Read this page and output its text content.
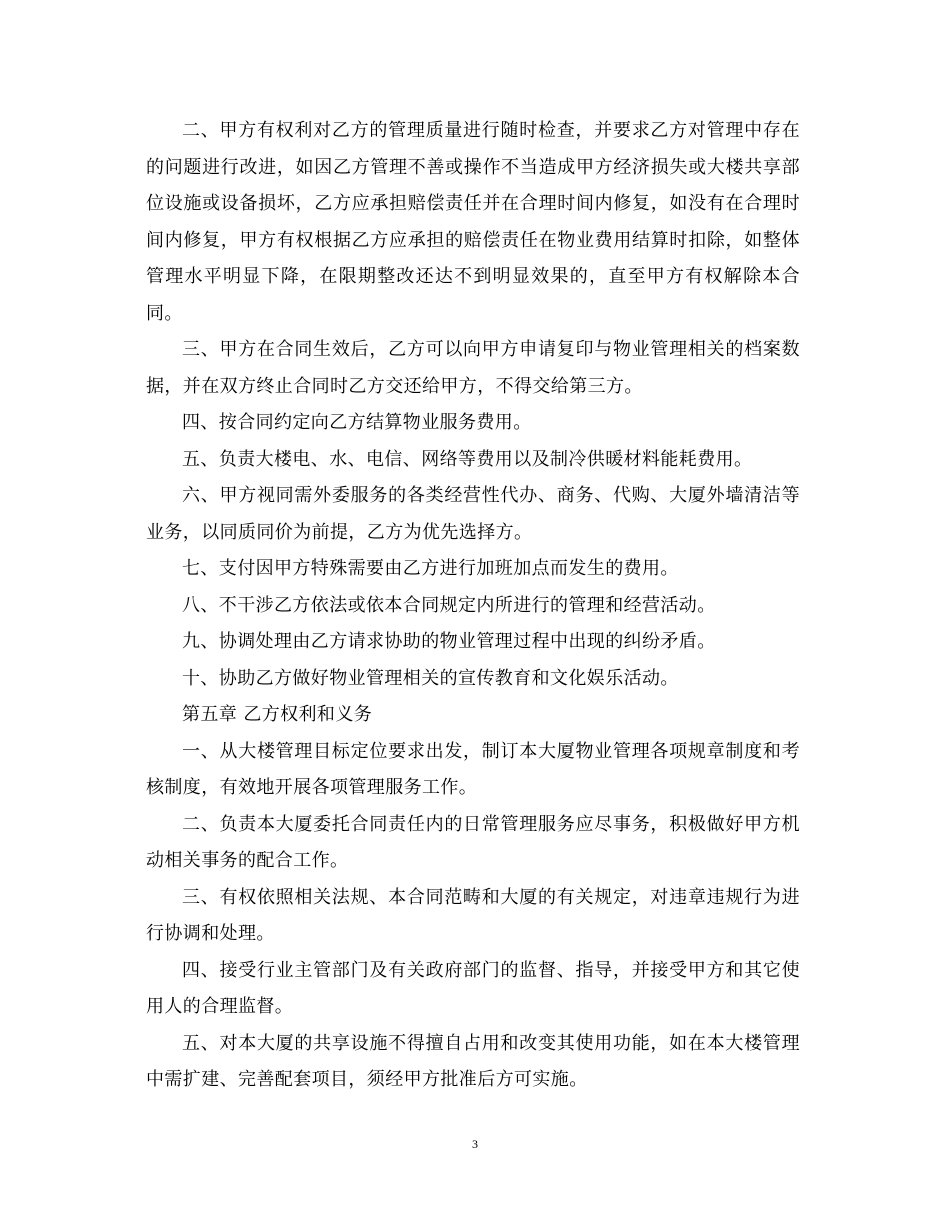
二、甲方有权利对乙方的管理质量进行随时检查，并要求乙方对管理中存在的问题进行改进，如因乙方管理不善或操作不当造成甲方经济损失或大楼共享部位设施或设备损坏，乙方应承担赔偿责任并在合理时间内修复，如没有在合理时间内修复，甲方有权根据乙方应承担的赔偿责任在物业费用结算时扣除，如整体管理水平明显下降，在限期整改还达不到明显效果的，直至甲方有权解除本合同。

三、甲方在合同生效后，乙方可以向甲方申请复印与物业管理相关的档案数据，并在双方终止合同时乙方交还给甲方，不得交给第三方。

四、按合同约定向乙方结算物业服务费用。

五、负责大楼电、水、电信、网络等费用以及制冷供暖材料能耗费用。

六、甲方视同需外委服务的各类经营性代办、商务、代购、大厦外墙清洁等业务，以同质同价为前提，乙方为优先选择方。

七、支付因甲方特殊需要由乙方进行加班加点而发生的费用。

八、不干涉乙方依法或依本合同规定内所进行的管理和经营活动。

九、协调处理由乙方请求协助的物业管理过程中出现的纠纷矛盾。

十、协助乙方做好物业管理相关的宣传教育和文化娱乐活动。

第五章 乙方权利和义务

一、从大楼管理目标定位要求出发，制订本大厦物业管理各项规章制度和考核制度，有效地开展各项管理服务工作。

二、负责本大厦委托合同责任内的日常管理服务应尽事务，积极做好甲方机动相关事务的配合工作。

三、有权依照相关法规、本合同范畴和大厦的有关规定，对违章违规行为进行协调和处理。

四、接受行业主管部门及有关政府部门的监督、指导，并接受甲方和其它使用人的合理监督。

五、对本大厦的共享设施不得擅自占用和改变其使用功能，如在本大楼管理中需扩建、完善配套项目，须经甲方批准后方可实施。

3
